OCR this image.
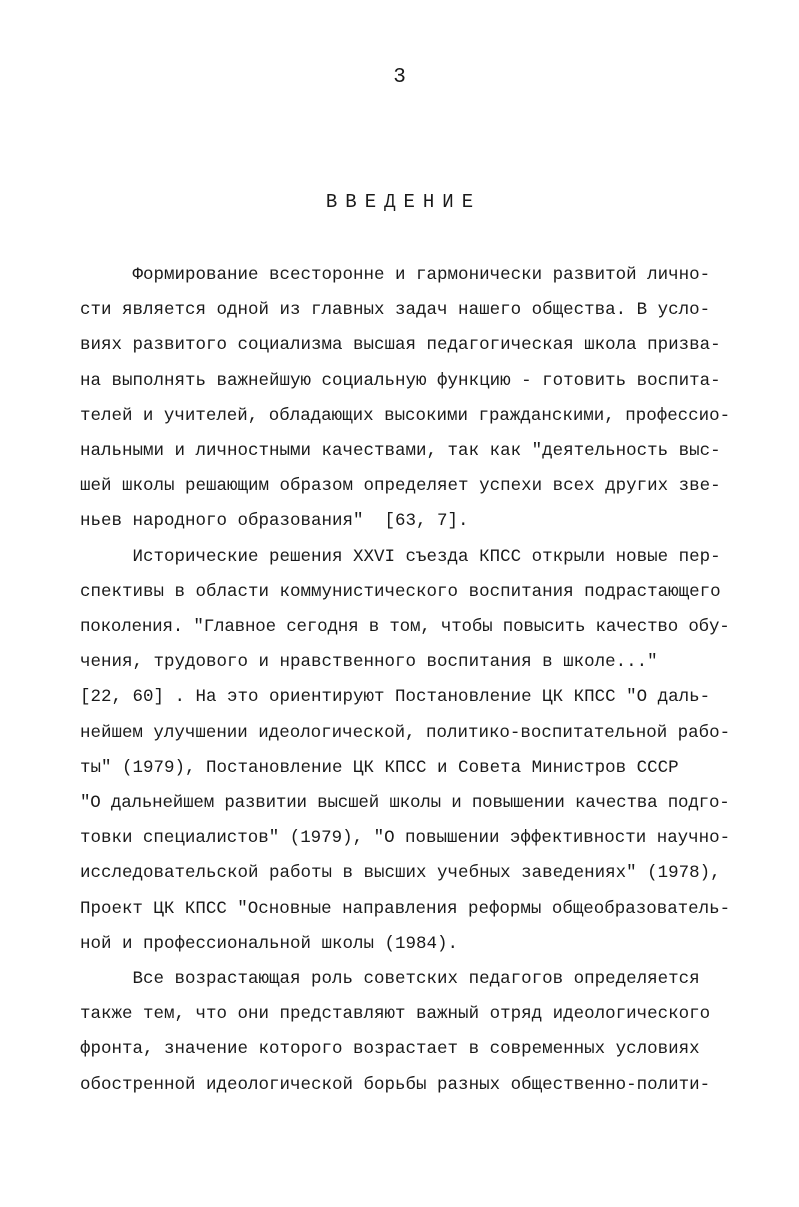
3
ВВЕДЕНИЕ
Формирование всесторонне и гармонически развитой лично-
сти является одной из главных задач нашего общества. В усло-
виях развитого социализма высшая педагогическая школа призва-
на выполнять важнейшую социальную функцию - готовить воспита-
телей и учителей, обладающих высокими гражданскими, профессио-
нальными и личностными качествами, так как "деятельность выс-
шей школы решающим образом определяет успехи всех других зве-
ньев народного образования"  [63, 7].
Исторические решения XXVI съезда КПСС открыли новые пер-
спективы в области коммунистического воспитания подрастающего
поколения. "Главное сегодня в том, чтобы повысить качество обу-
чения, трудового и нравственного воспитания в школе..."
[22, 60] . На это ориентируют Постановление ЦК КПСС "О даль-
нейшем улучшении идеологической, политико-воспитательной рабо-
ты" (1979), Постановление ЦК КПСС и Совета Министров СССР
"О дальнейшем развитии высшей школы и повышении качества подго-
товки специалистов" (1979), "О повышении эффективности научно-
исследовательской работы в высших учебных заведениях" (1978),
Проект ЦК КПСС "Основные направления реформы общеобразователь-
ной и профессиональной школы (1984).
Все возрастающая роль советских педагогов определяется
также тем, что они представляют важный отряд идеологического
фронта, значение которого возрастает в современных условиях
обостренной идеологической борьбы разных общественно-полити-
